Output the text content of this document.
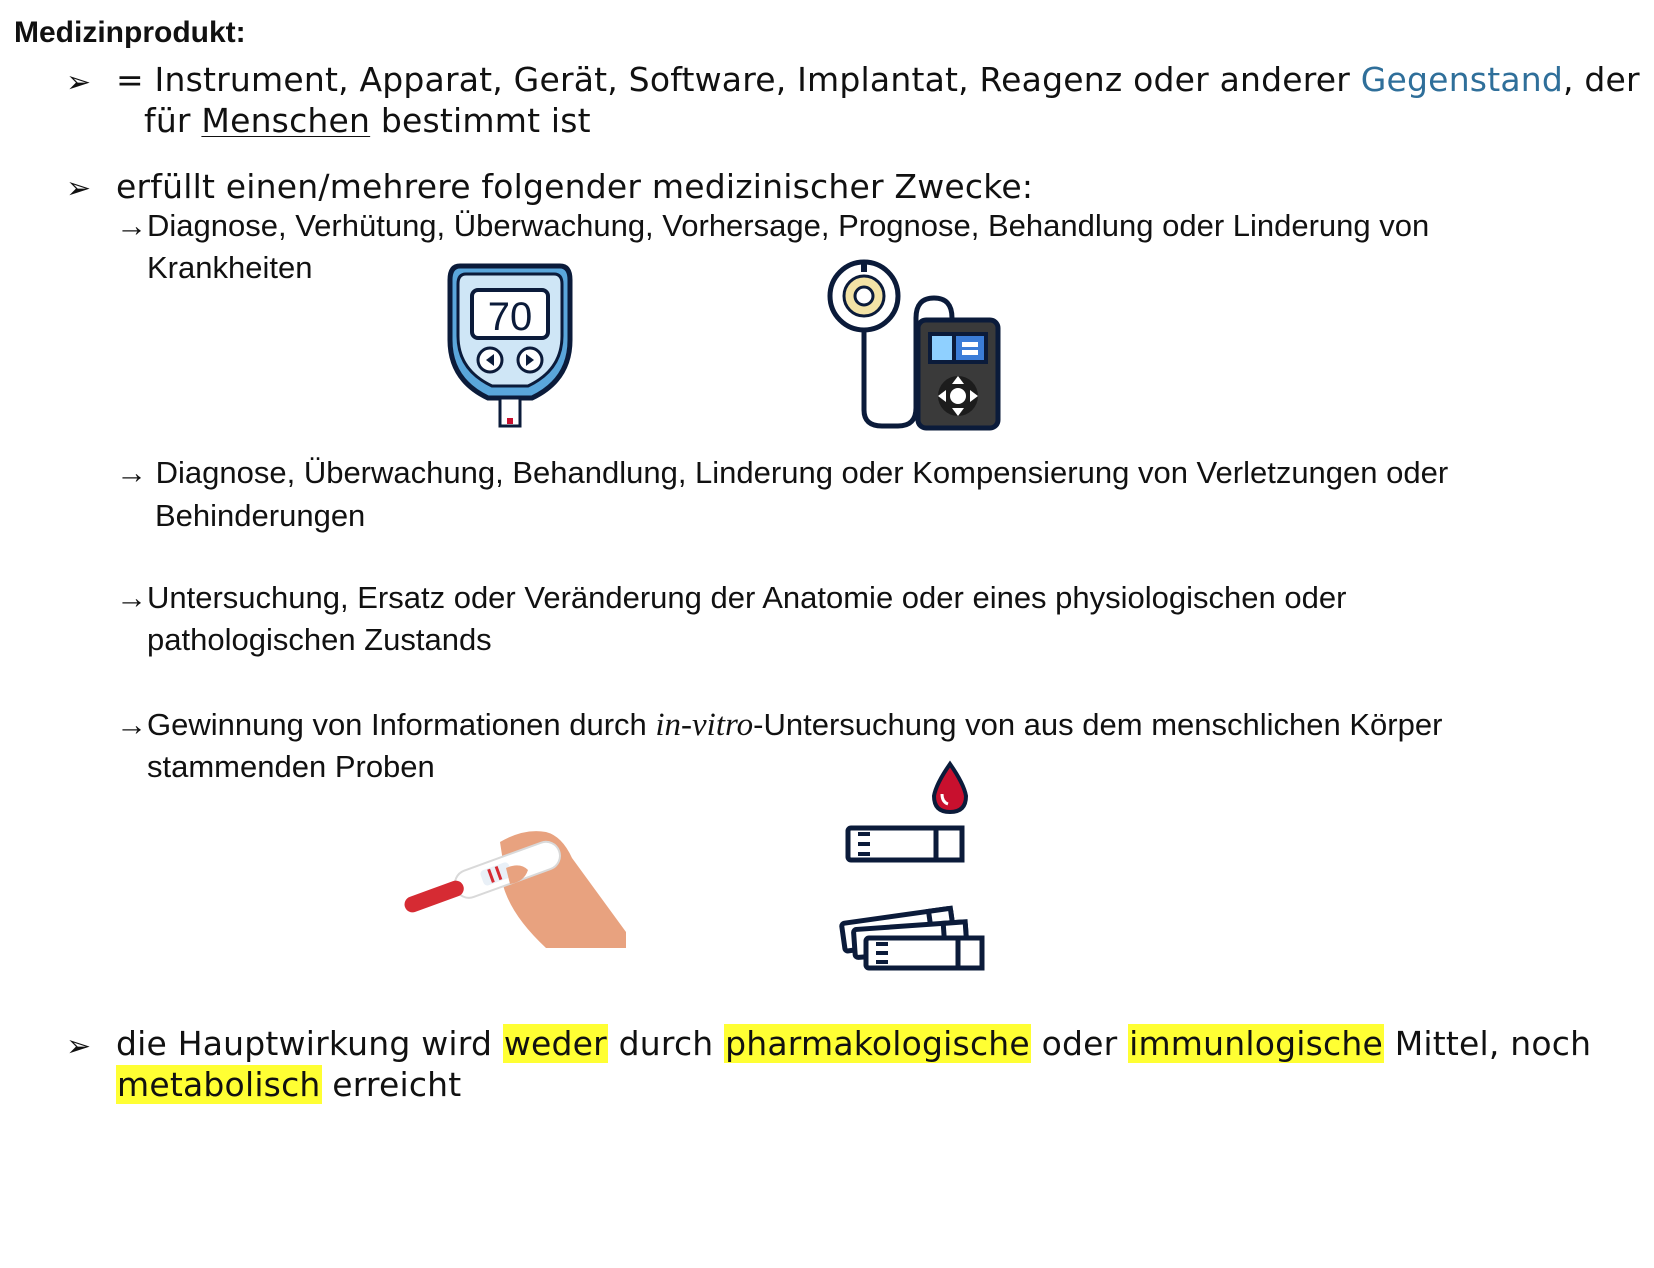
Medizinprodukt:
➢ = Instrument, Apparat, Gerät, Software, Implantat, Reagenz oder anderer Gegenstand, der
für Menschen bestimmt ist
➢ erfüllt einen/mehrere folgender medizinischer Zwecke:
→Diagnose, Verhütung, Überwachung, Vorhersage, Prognose, Behandlung oder Linderung von
Krankheiten
70
→ Diagnose, Überwachung, Behandlung, Linderung oder Kompensierung von Verletzungen oder
Behinderungen
→Untersuchung, Ersatz oder Veränderung der Anatomie oder eines physiologischen oder
pathologischen Zustands
→Gewinnung von Informationen durch in-vitro-Untersuchung von aus dem menschlichen Körper
stammenden Proben
➢ die Hauptwirkung wird weder durch pharmakologische oder immunlogische Mittel, noch
metabolisch erreicht
